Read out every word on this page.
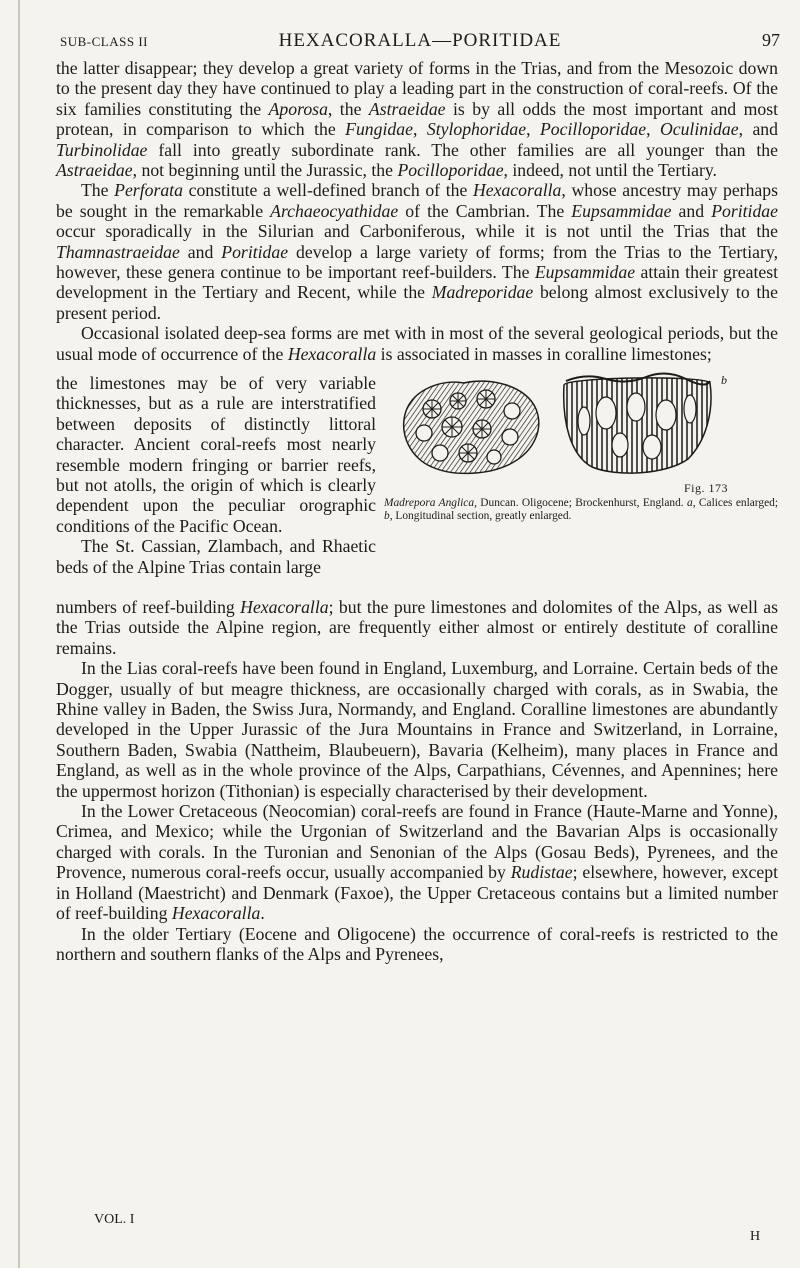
SUB-CLASS II	HEXACORALLA—PORITIDAE	97

the latter disappear; they develop a great variety of forms in the Trias, and from the Mesozoic down to the present day they have continued to play a leading part in the construction of coral-reefs. Of the six families constituting the Aporosa, the Astraeidae is by all odds the most important and most protean, in comparison to which the Fungidae, Stylophoridae, Pocilloporidae, Oculinidae, and Turbinolidae fall into greatly subordinate rank. The other families are all younger than the Astraeidae, not beginning until the Jurassic, the Pocilloporidae, indeed, not until the Tertiary.

The Perforata constitute a well-defined branch of the Hexacoralla, whose ancestry may perhaps be sought in the remarkable Archaeocyathidae of the Cambrian. The Eupsammidae and Poritidae occur sporadically in the Silurian and Carboniferous, while it is not until the Trias that the Thamnastraeidae and Poritidae develop a large variety of forms; from the Trias to the Tertiary, however, these genera continue to be important reef-builders. The Eupsammidae attain their greatest development in the Tertiary and Recent, while the Madreporidae belong almost exclusively to the present period.

Occasional isolated deep-sea forms are met with in most of the several geological periods, but the usual mode of occurrence of the Hexacoralla is associated in masses in coralline limestones;

the limestones may be of very variable thicknesses, but as a rule are interstratified between deposits of distinctly littoral character. Ancient coral-reefs most nearly resemble modern fringing or barrier reefs, but not atolls, the origin of which is clearly dependent upon the peculiar orographic conditions of the Pacific Ocean.

The St. Cassian, Zlambach, and Rhaetic beds of the Alpine Trias contain large

b
Fig. 173
Madrepora Anglica, Duncan. Oligocene; Brockenhurst, England. a, Calices enlarged; b, Longitudinal section, greatly enlarged.

numbers of reef-building Hexacoralla; but the pure limestones and dolomites of the Alps, as well as the Trias outside the Alpine region, are frequently either almost or entirely destitute of coralline remains.

In the Lias coral-reefs have been found in England, Luxemburg, and Lorraine. Certain beds of the Dogger, usually of but meagre thickness, are occasionally charged with corals, as in Swabia, the Rhine valley in Baden, the Swiss Jura, Normandy, and England. Coralline limestones are abundantly developed in the Upper Jurassic of the Jura Mountains in France and Switzerland, in Lorraine, Southern Baden, Swabia (Nattheim, Blaubeuern), Bavaria (Kelheim), many places in France and England, as well as in the whole province of the Alps, Carpathians, Cévennes, and Apennines; here the uppermost horizon (Tithonian) is especially characterised by their development.

In the Lower Cretaceous (Neocomian) coral-reefs are found in France (Haute-Marne and Yonne), Crimea, and Mexico; while the Urgonian of Switzerland and the Bavarian Alps is occasionally charged with corals. In the Turonian and Senonian of the Alps (Gosau Beds), Pyrenees, and the Provence, numerous coral-reefs occur, usually accompanied by Rudistae; elsewhere, however, except in Holland (Maestricht) and Denmark (Faxoe), the Upper Cretaceous contains but a limited number of reef-building Hexacoralla.

In the older Tertiary (Eocene and Oligocene) the occurrence of coral-reefs is restricted to the northern and southern flanks of the Alps and Pyrenees,

VOL. I
H
